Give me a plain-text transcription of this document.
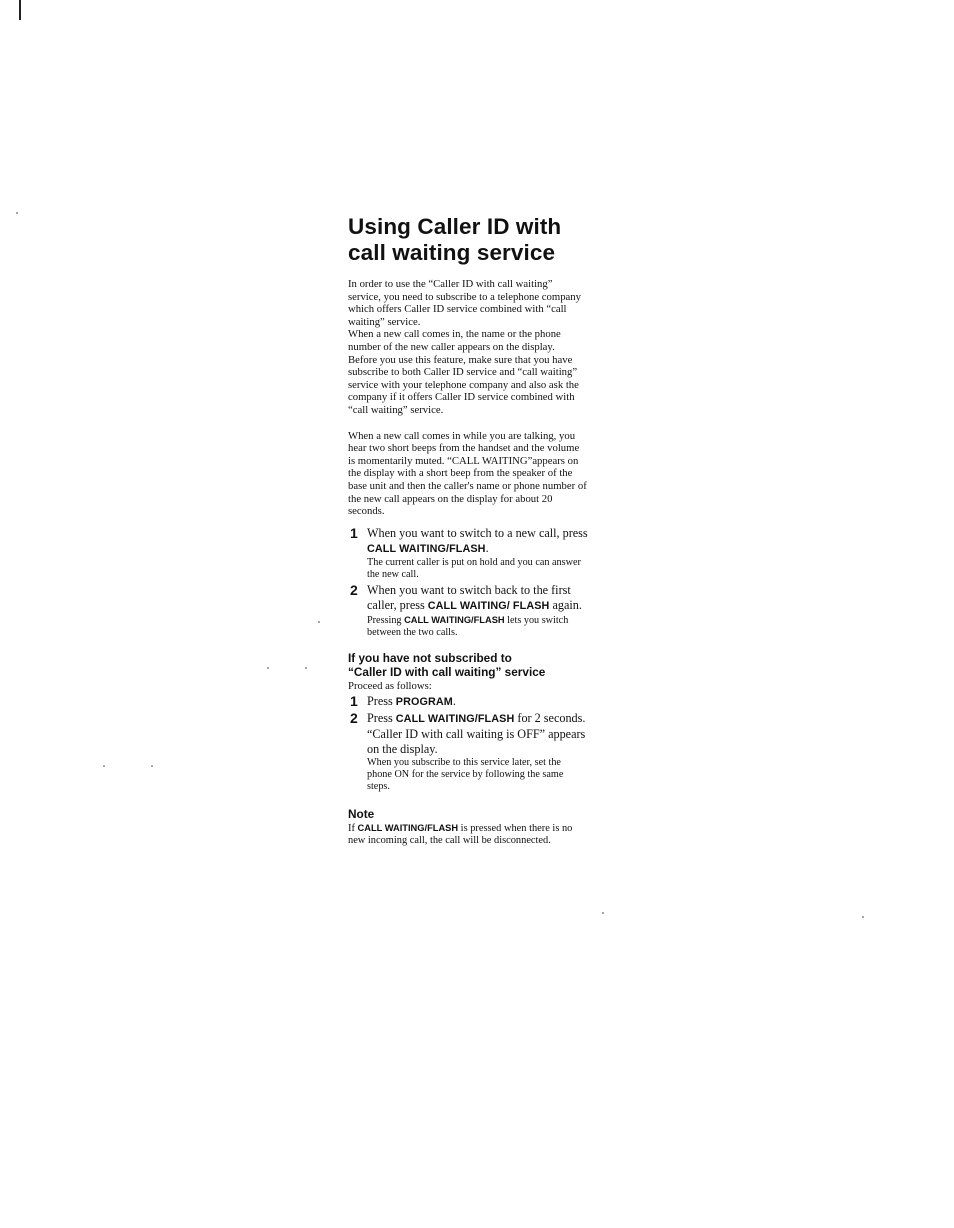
Using Caller ID with
call waiting service

In order to use the “Caller ID with call waiting” service, you need to subscribe to a telephone company which offers Caller ID service combined with “call waiting” service.

When a new call comes in, the name or the phone number of the new caller appears on the display.

Before you use this feature, make sure that you have subscribe to both Caller ID service and “call waiting” service with your telephone company and also ask the company if it offers Caller ID service combined with “call waiting” service.

When a new call comes in while you are talking, you hear two short beeps from the handset and the volume is momentarily muted. “CALL WAITING”appears on the display with a short beep from the speaker of the base unit and then the caller's name or phone number of the new call appears on the display for about 20 seconds.

1 When you want to switch to a new call, press CALL WAITING/FLASH.

The current caller is put on hold and you can answer the new call.

2 When you want to switch back to the first caller, press CALL WAITING/ FLASH again.

Pressing CALL WAITING/FLASH lets you switch between the two calls.

If you have not subscribed to
“Caller ID with call waiting” service

Proceed as follows:

1 Press PROGRAM.

2 Press CALL WAITING/FLASH for 2 seconds.

“Caller ID with call waiting is OFF” appears on the display.

When you subscribe to this service later, set the phone ON for the service by following the same steps.

Note

If CALL WAITING/FLASH is pressed when there is no new incoming call, the call will be disconnected.
